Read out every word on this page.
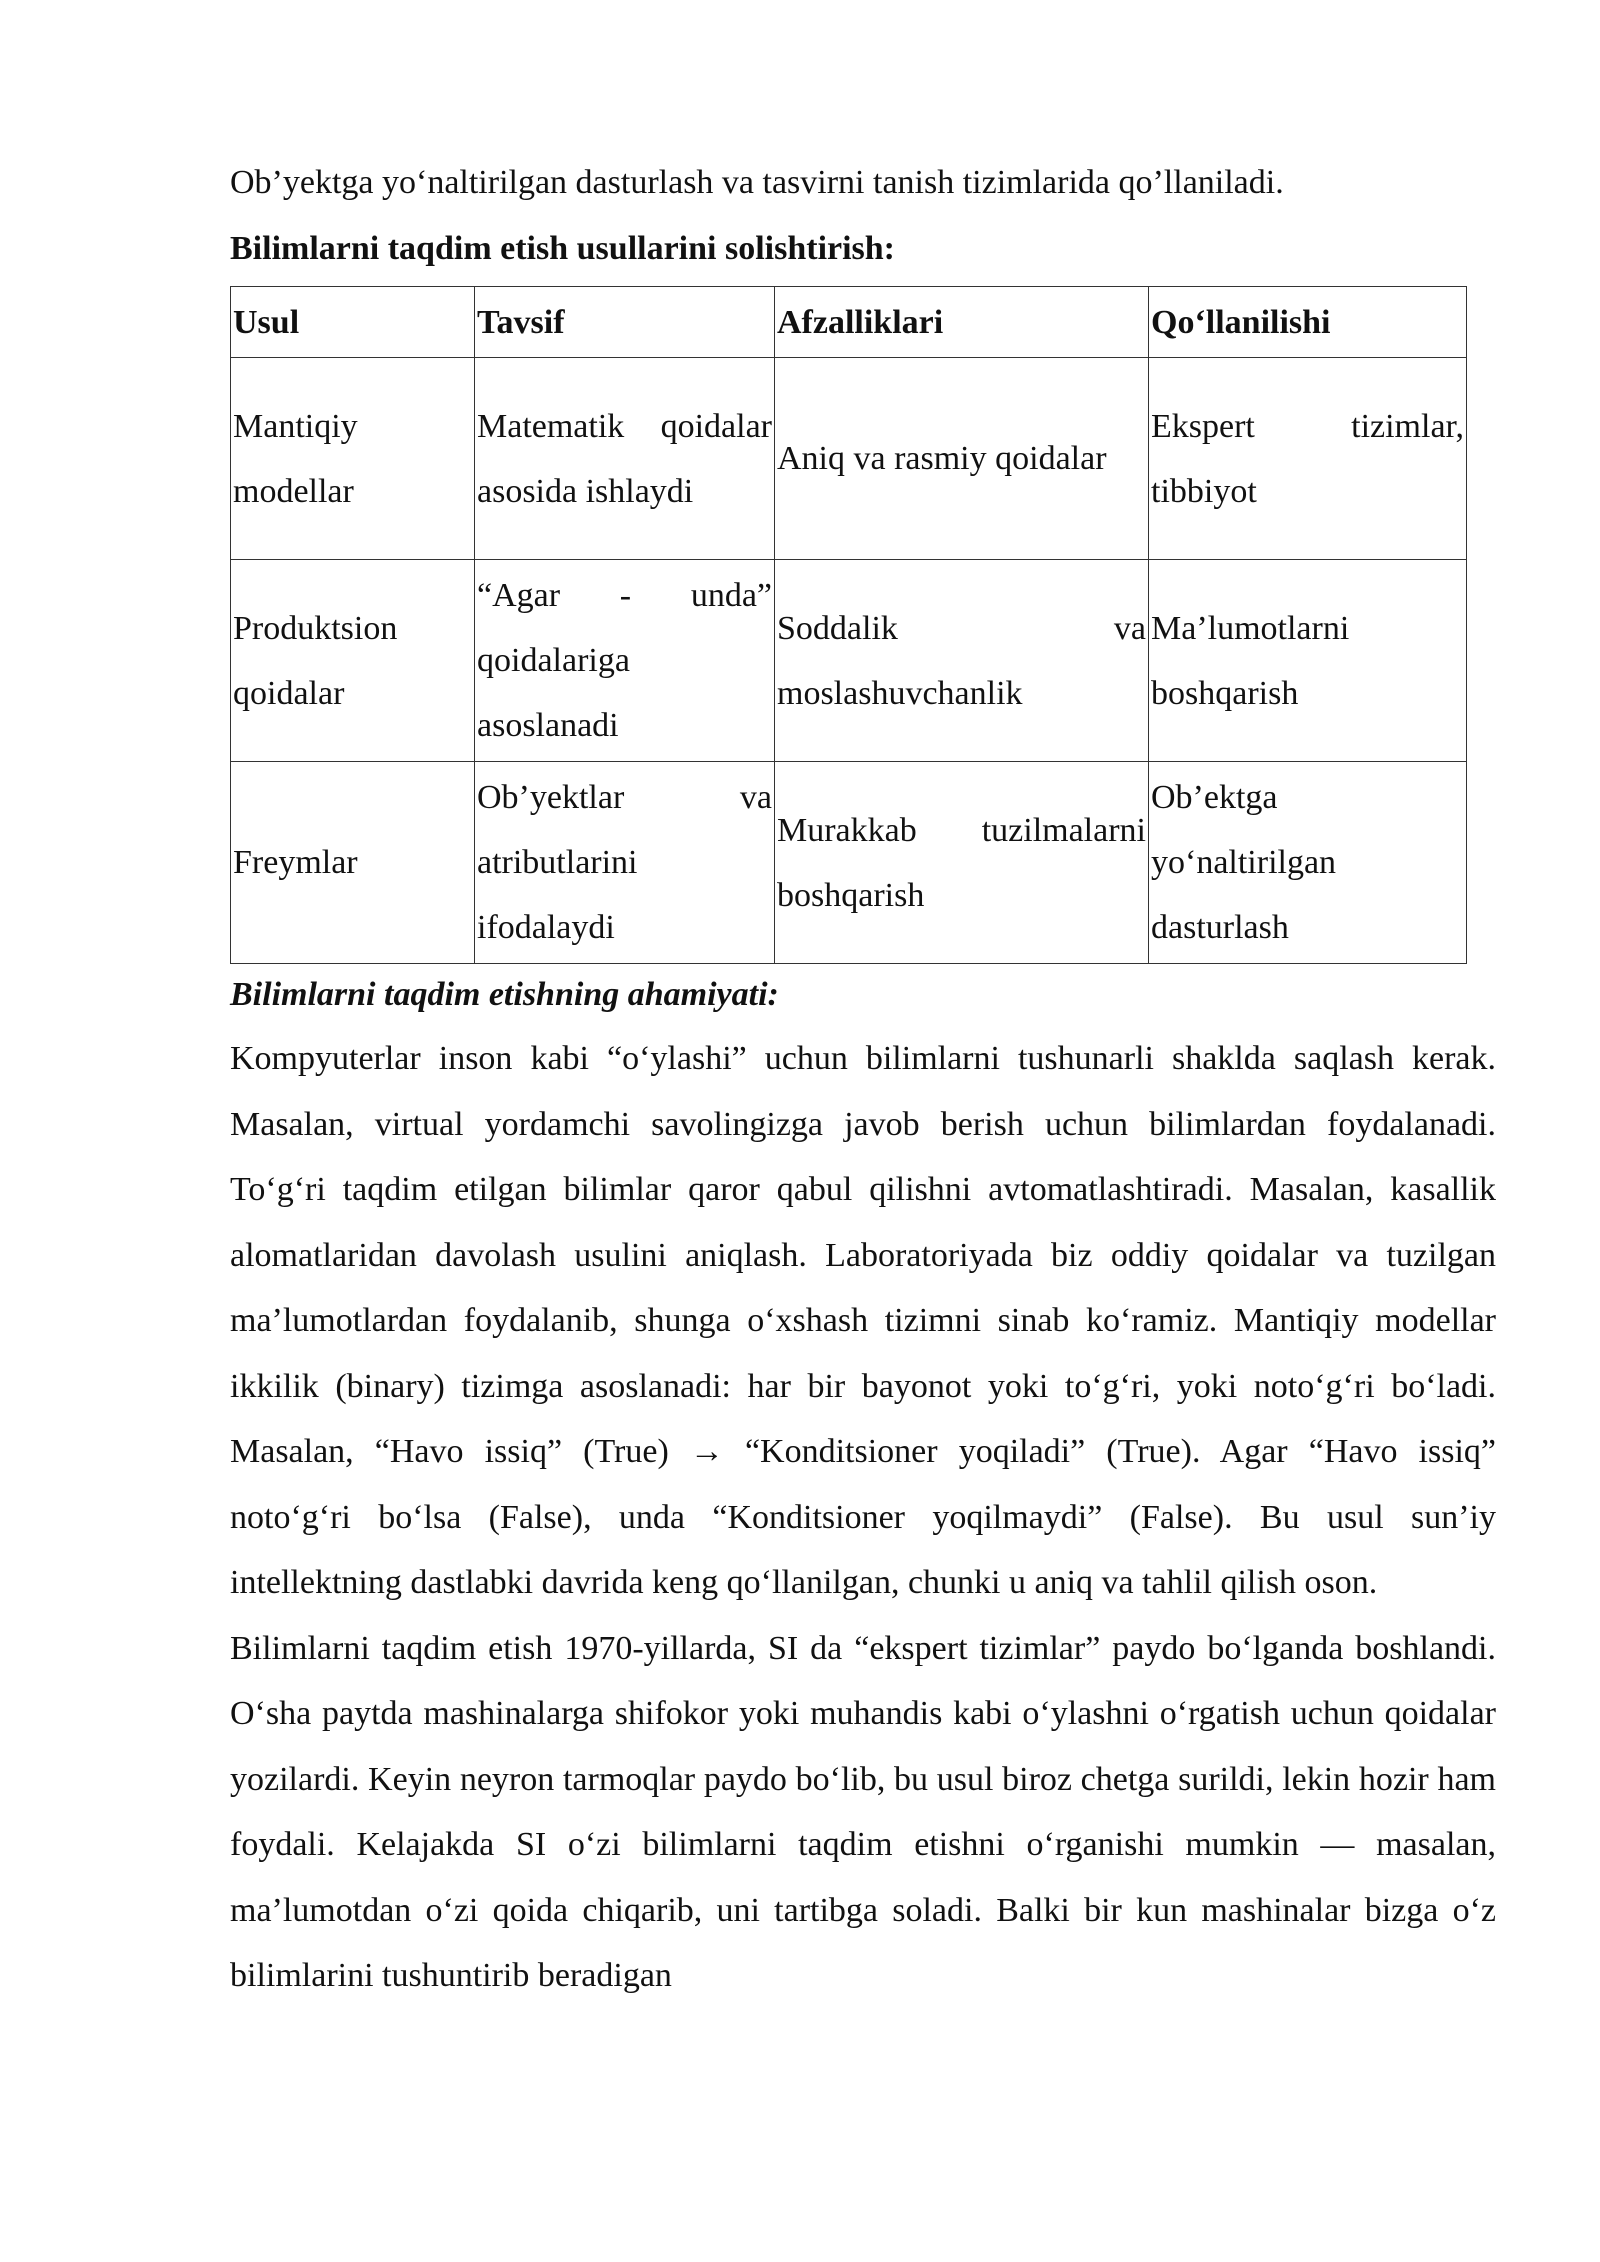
Ob’yektga yo‘naltirilgan dasturlash va tasvirni tanish tizimlarida qo’llaniladi.

Bilimlarni taqdim etish usullarini solishtirish:

Usul	Tavsif	Afzalliklari	Qo‘llanilishi
Mantiqiy modellar	Matematik qoidalar asosida ishlaydi	Aniq va rasmiy qoidalar	Ekspert tizimlar, tibbiyot
Produktsion qoidalar	“Agar - unda” qoidalariga asoslanadi	Soddalik va moslashuvchanlik	Ma’lumotlarni boshqarish
Freymlar	Ob’yektlar va atributlarini ifodalaydi	Murakkab tuzilmalarni boshqarish	Ob’ektga yo‘naltirilgan dasturlash

Bilimlarni taqdim etishning ahamiyati:

Kompyuterlar inson kabi “o‘ylashi” uchun bilimlarni tushunarli shaklda saqlash kerak. Masalan, virtual yordamchi savolingizga javob berish uchun bilimlardan foydalanadi. To‘g‘ri taqdim etilgan bilimlar qaror qabul qilishni avtomatlashtiradi. Masalan, kasallik alomatlaridan davolash usulini aniqlash. Laboratoriyada biz oddiy qoidalar va tuzilgan ma’lumotlardan foydalanib, shunga o‘xshash tizimni sinab ko‘ramiz. Mantiqiy modellar ikkilik (binary) tizimga asoslanadi: har bir bayonot yoki to‘g‘ri, yoki noto‘g‘ri bo‘ladi. Masalan, “Havo issiq” (True) → “Konditsioner yoqiladi” (True). Agar “Havo issiq” noto‘g‘ri bo‘lsa (False), unda “Konditsioner yoqilmaydi” (False). Bu usul sun’iy intellektning dastlabki davrida keng qo‘llanilgan, chunki u aniq va tahlil qilish oson.

Bilimlarni taqdim etish 1970-yillarda, SI da “ekspert tizimlar” paydo bo‘lganda boshlandi. O‘sha paytda mashinalarga shifokor yoki muhandis kabi o‘ylashni o‘rgatish uchun qoidalar yozilardi. Keyin neyron tarmoqlar paydo bo‘lib, bu usul biroz chetga surildi, lekin hozir ham foydali. Kelajakda SI o‘zi bilimlarni taqdim etishni o‘rganishi mumkin — masalan, ma’lumotdan o‘zi qoida chiqarib, uni tartibga soladi. Balki bir kun mashinalar bizga o‘z bilimlarini tushuntirib beradigan
